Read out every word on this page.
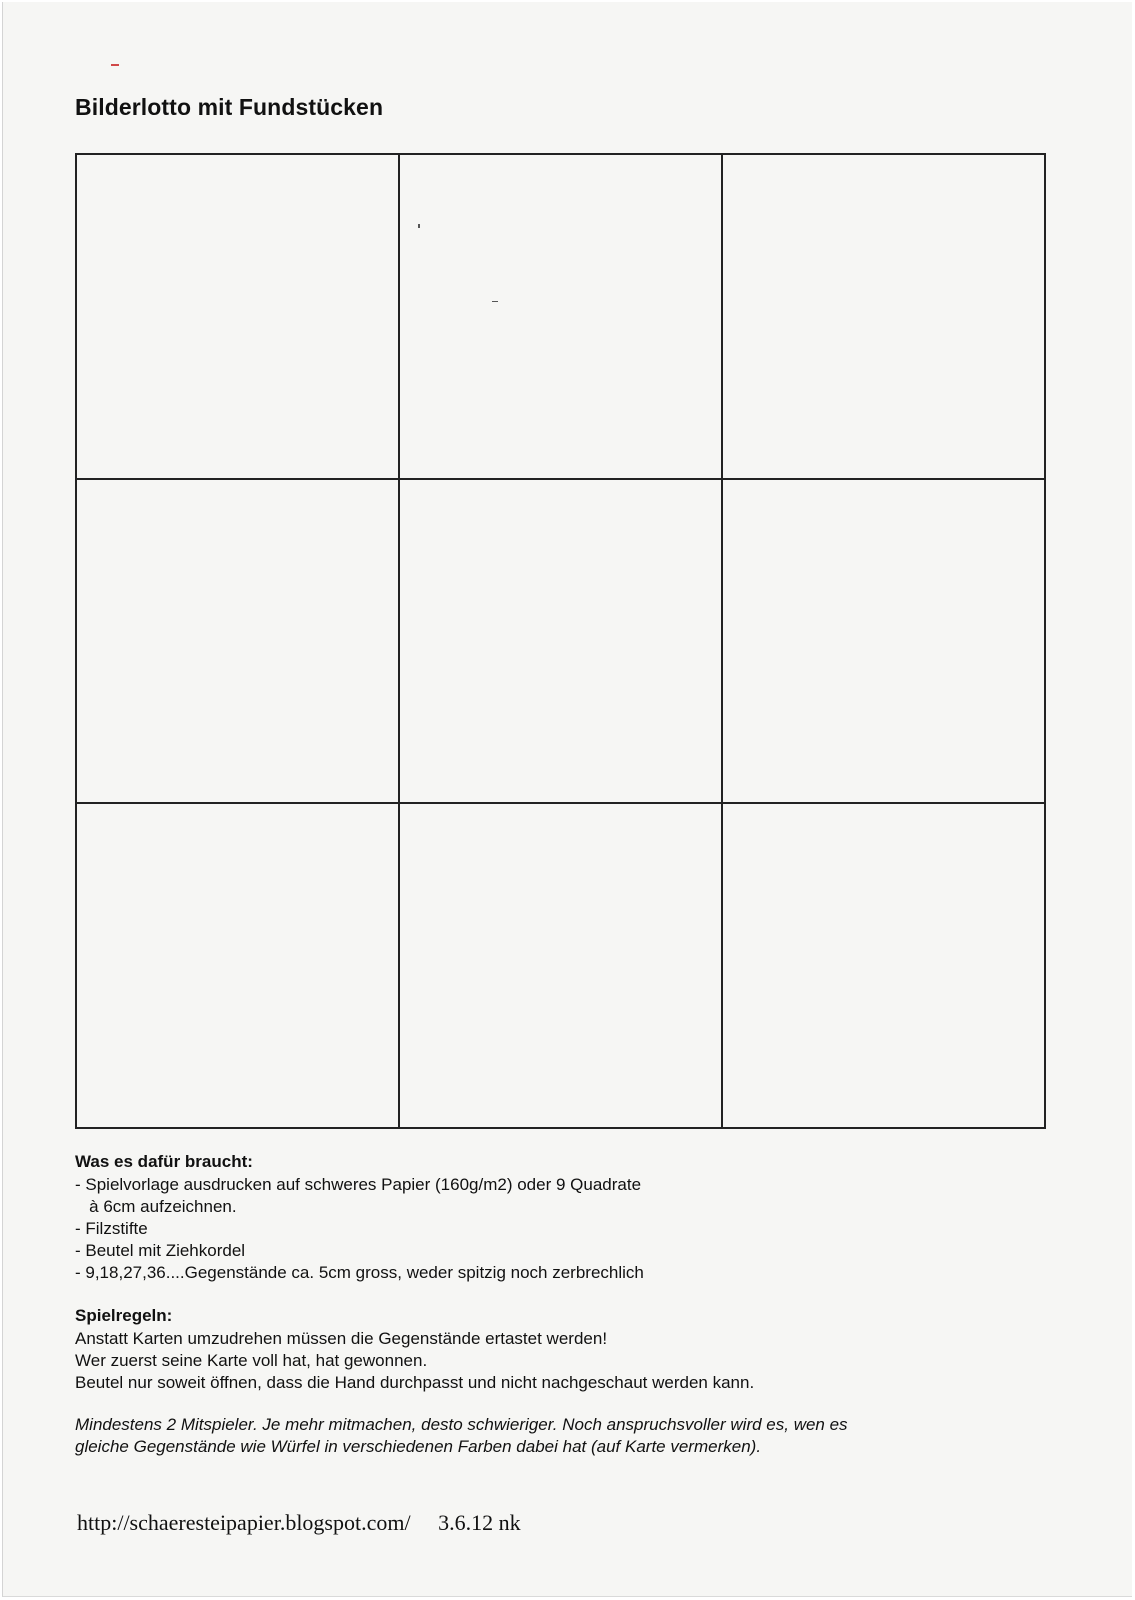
Bilderlotto mit Fundstücken
Was es dafür braucht:
- Spielvorlage ausdrucken auf schweres Papier (160g/m2) oder 9 Quadrate
à 6cm aufzeichnen.
- Filzstifte
- Beutel mit Ziehkordel
- 9,18,27,36....Gegenstände ca. 5cm gross, weder spitzig noch zerbrechlich
Spielregeln:
Anstatt Karten umzudrehen müssen die Gegenstände ertastet werden!
Wer zuerst seine Karte voll hat, hat gewonnen.
Beutel nur soweit öffnen, dass die Hand durchpasst und nicht nachgeschaut werden kann.

Mindestens 2 Mitspieler. Je mehr mitmachen, desto schwieriger. Noch anspruchsvoller wird es, wen es
gleiche Gegenstände wie Würfel in verschiedenen Farben dabei hat (auf Karte vermerken).

http://schaeresteipapier.blogspot.com/ 3.6.12 nk
